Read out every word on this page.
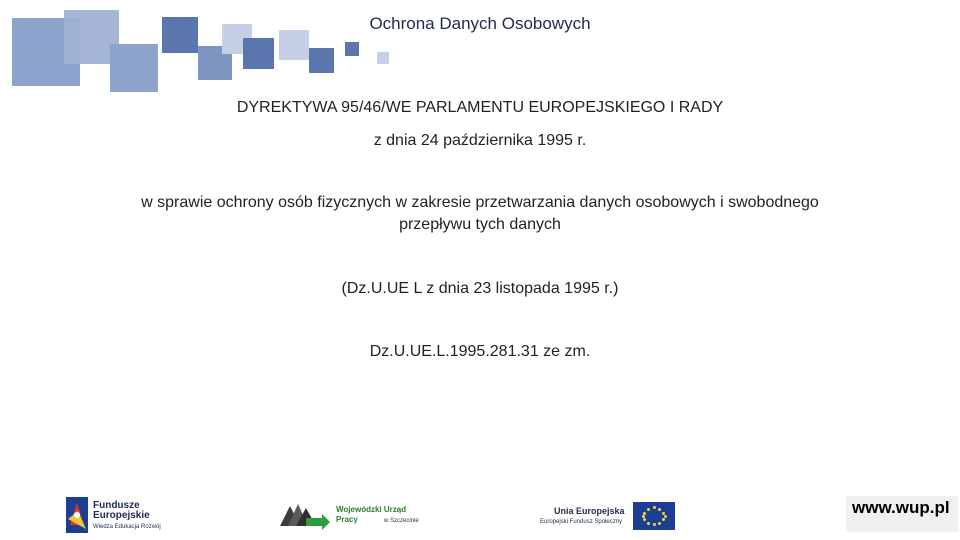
Ochrona Danych Osobowych
DYREKTYWA 95/46/WE PARLAMENTU EUROPEJSKIEGO I RADY
z dnia 24 października 1995 r.
w sprawie ochrony osób fizycznych w zakresie przetwarzania danych osobowych i swobodnego
przepływu tych danych
(Dz.U.UE L z dnia 23 listopada 1995 r.)
Dz.U.UE.L.1995.281.31 ze zm.
Fundusze
Europejskie
Wiedza Edukacja Rozwój
Wojewódzki Urząd Pracy	w Szczecinie
Unia Europejska
Europejski Fundusz Społeczny
www.wup.pl
